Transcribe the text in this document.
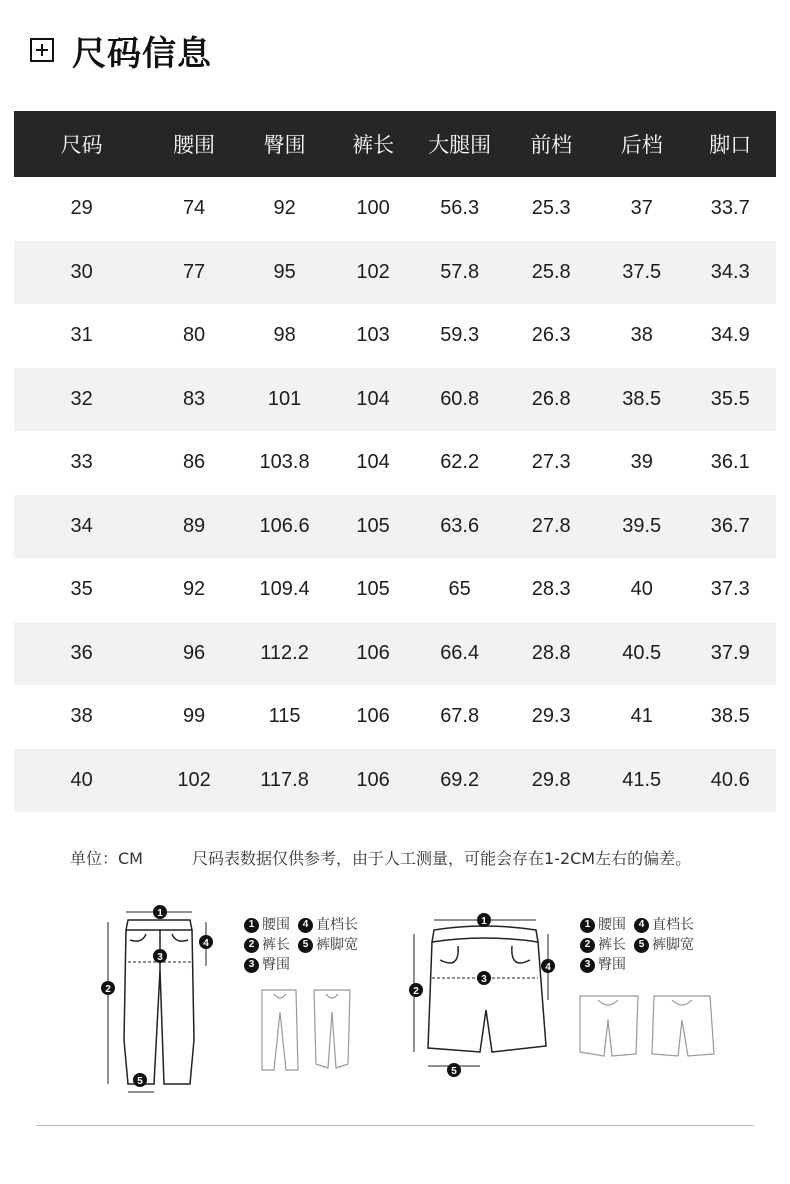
尺码信息
尺码	腰围	臀围	裤长	大腿围	前档	后档	脚口
29	74	92	100	56.3	25.3	37	33.7
30	77	95	102	57.8	25.8	37.5	34.3
31	80	98	103	59.3	26.3	38	34.9
32	83	101	104	60.8	26.8	38.5	35.5
33	86	103.8	104	62.2	27.3	39	36.1
34	89	106.6	105	63.6	27.8	39.5	36.7
35	92	109.4	105	65	28.3	40	37.3
36	96	112.2	106	66.4	28.8	40.5	37.9
38	99	115	106	67.8	29.3	41	38.5
40	102	117.8	106	69.2	29.8	41.5	40.6
单位：CM	尺码表数据仅供参考，由于人工测量，可能会存在1-2CM左右的偏差。
1
2
3
4
5
1 腰围	4 直档长
2 裤长	5 裤脚宽
3 臀围
1
2
3
4
5
1 腰围	4 直档长
2 裤长	5 裤脚宽
3 臀围
